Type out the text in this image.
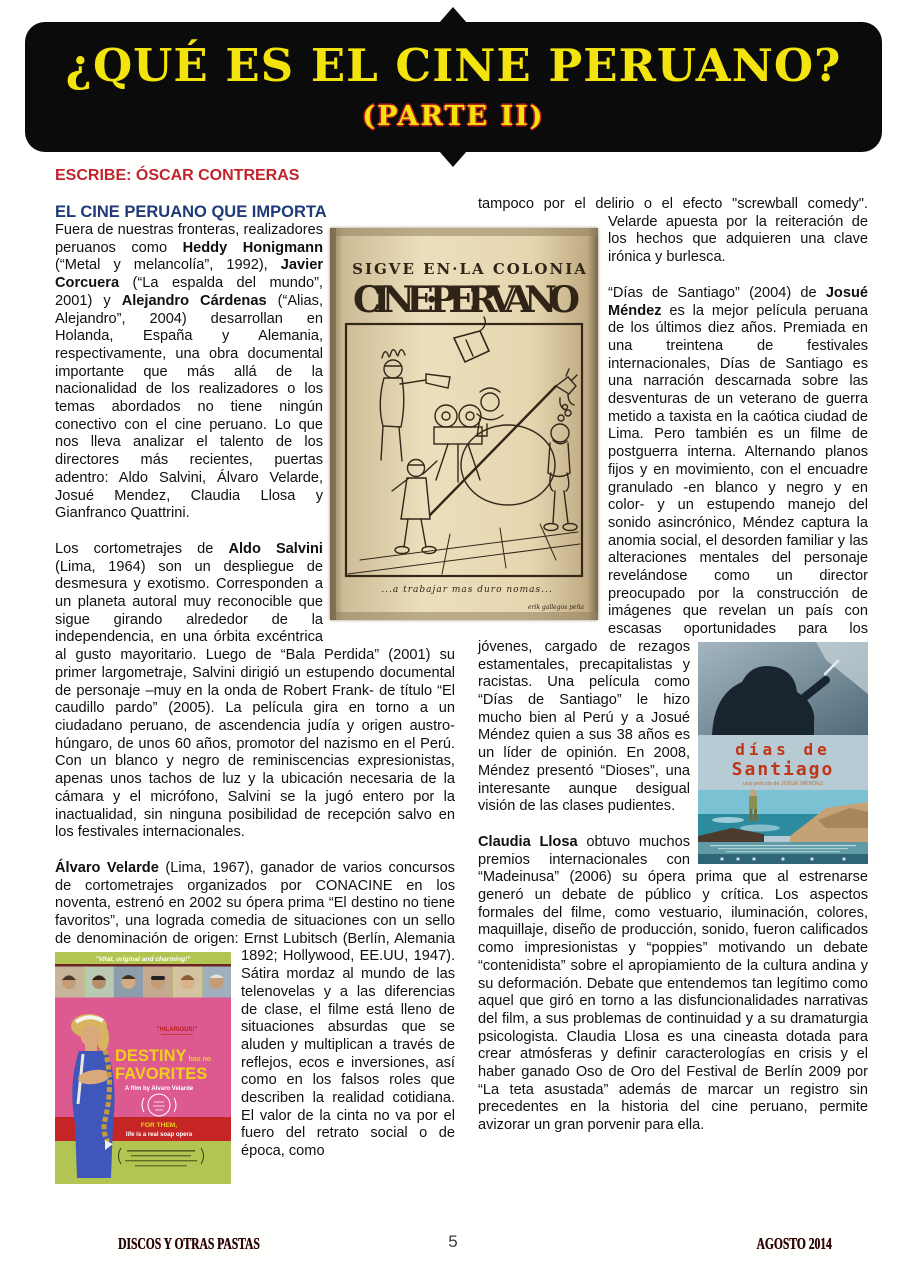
¿QUÉ ES EL CINE PERUANO?
(PARTE II)
ESCRIBE: ÓSCAR CONTRERAS
EL CINE PERUANO QUE IMPORTA

Fuera de nuestras fronteras, realizadores peruanos como Heddy Honigmann (“Metal y melancolía”, 1992), Javier Corcuera (“La espalda del mundo”, 2001) y Alejandro Cárdenas (“Alias, Alejandro”, 2004) desarrollan en Holanda, España y Alemania, respectivamente, una obra documental importante que más allá de la nacionalidad de los realizadores o los temas abordados no tiene ningún conectivo con el cine peruano. Lo que nos lleva analizar el talento de los directores más recientes, puertas adentro: Aldo Salvini, Álvaro Velarde, Josué Mendez, Claudia Llosa y Gianfranco Quattrini.

Los cortometrajes de Aldo Salvini (Lima, 1964) son un despliegue de desmesura y exotismo. Corresponden a un planeta autoral muy reconocible que sigue girando alrededor de la independencia, en una órbita excéntrica al gusto mayoritario. Luego de “Bala Perdida” (2001) su primer largometraje, Salvini dirigió un estupendo documental de personaje –muy en la onda de Robert Frank- de título “El caudillo pardo” (2005). La película gira en torno a un ciudadano peruano, de ascendencia judía y origen austro-húngaro, de unos 60 años, promotor del nazismo en el Perú. Con un blanco y negro de reminiscencias expresionistas, apenas unos tachos de luz y la ubicación necesaria de la cámara y el micrófono, Salvini se la jugó entero por la inactualidad, sin ninguna posibilidad de recepción salvo en los festivales internacionales.

Álvaro Velarde (Lima, 1967), ganador de varios concursos de cortometrajes organizados por CONACINE en los noventa, estrenó en 2002 su ópera prima “El destino no tiene favoritos”, una lograda comedia de situaciones con un sello de denominación de origen: Ernst Lubitsch (Berlín, Alemania 1892;
"Vital, original and charming!"
"HILARIOUS!"
DESTINY has no
FAVORITES
A film by Alvaro Velarde
FOR THEM,
life is a real soap opera
Hollywood, EE.UU, 1947). Sátira mordaz al mundo de las telenovelas y a las diferencias de clase, el filme está lleno de situaciones absurdas que se aluden y multiplican a través de reflejos, ecos e inversiones, así como en los falsos roles que describen la realidad cotidiana. El valor de la cinta no va por el fuero del retrato social o de época, como

tampoco por el delirio o el efecto "screwball comedy".
Velarde apuesta por la reiteración de los hechos que adquieren una clave irónica y burlesca.

“Días de Santiago” (2004) de Josué Méndez es la mejor película peruana de los últimos diez años. Premiada en una treintena de festivales internacionales, Días de Santiago es una narración descarnada sobre las desventuras de un veterano de guerra metido a taxista en la caótica ciudad de Lima. Pero también es un filme de postguerra interna. Alternando planos fijos y en movimiento, con el encuadre granulado -en blanco y negro y en color- y un estupendo manejo del sonido asincrónico, Méndez captura la anomia social, el desorden familiar y las alteraciones mentales del personaje revelándose como un director preocupado por la construcción de imágenes que revelan un país con escasas oportunidades para
días de
Santiago
una película de JOSUÉ MÉNDEZ
los jóvenes, cargado de rezagos estamentales, precapitalistas y racistas. Una película como “Días de Santiago” le hizo mucho bien al Perú y a Josué Méndez quien a sus 38 años es un líder de opinión. En 2008, Méndez presentó “Dioses”, una interesante aunque desigual visión de las clases pudientes.

Claudia Llosa obtuvo muchos premios internacionales con “Madeinusa” (2006) su ópera prima que al estrenarse generó un debate de público y crítica. Los aspectos formales del filme, como vestuario, iluminación, colores, maquillaje, diseño de producción, sonido, fueron calificados como impresionistas y “poppies” motivando un debate “contenidista” sobre el apropiamiento de la cultura andina y su deformación. Debate que entendemos tan legítimo como aquel que giró en torno a las disfuncionalidades narrativas del film, a sus problemas de continuidad y a su dramaturgia psicologista. Claudia Llosa es una cineasta dotada para crear atmósferas y definir caracterologías en crisis y el haber ganado Oso de Oro del Festival de Berlín 2009 por “La teta asustada” además de marcar un registro sin precedentes en la historia del cine peruano, permite avizorar un gran porvenir para ella.

SIGVE EN·LA COLONIA
CINE·PERVANO
...a trabajar mas duro nomas...
erik gallegos peña
DISCOS Y OTRAS PASTAS	5	AGOSTO 2014
